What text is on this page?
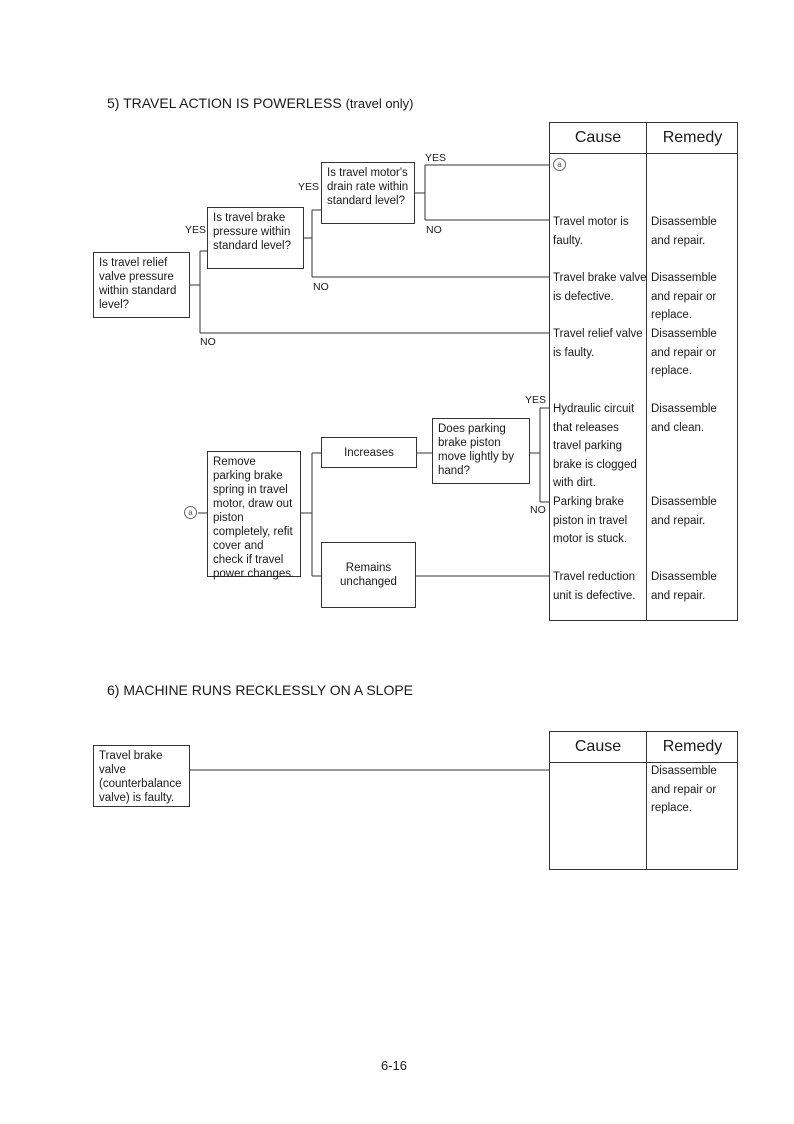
5) TRAVEL ACTION IS POWERLESS (travel only)
Is travel relief valve pressure within standard level?
Is travel brake pressure within standard level?
Is travel motor's drain rate within standard level?
Remove parking brake spring in travel motor, draw out piston completely, refit cover and check if travel power changes.
Increases
Remains unchanged
Does parking brake piston move lightly by hand?
a
YES
NO
YES
NO
YES
NO
YES
NO
Cause	Remedy
a
Travel motor is
faulty.
Disassemble
and repair.
Travel brake valve
is defective.
Disassemble
and repair or
replace.
Travel relief valve
is faulty.
Disassemble
and repair or
replace.
Hydraulic circuit
that releases
travel parking
brake is clogged
with dirt.
Disassemble
and clean.
Parking brake
piston in travel
motor is stuck.
Disassemble
and repair.
Travel reduction
unit is defective.
Disassemble
and repair.
6) MACHINE RUNS RECKLESSLY ON A SLOPE
Travel brake valve (counterbalance valve) is faulty.
Cause	Remedy
Disassemble
and repair or
replace.
6-16
